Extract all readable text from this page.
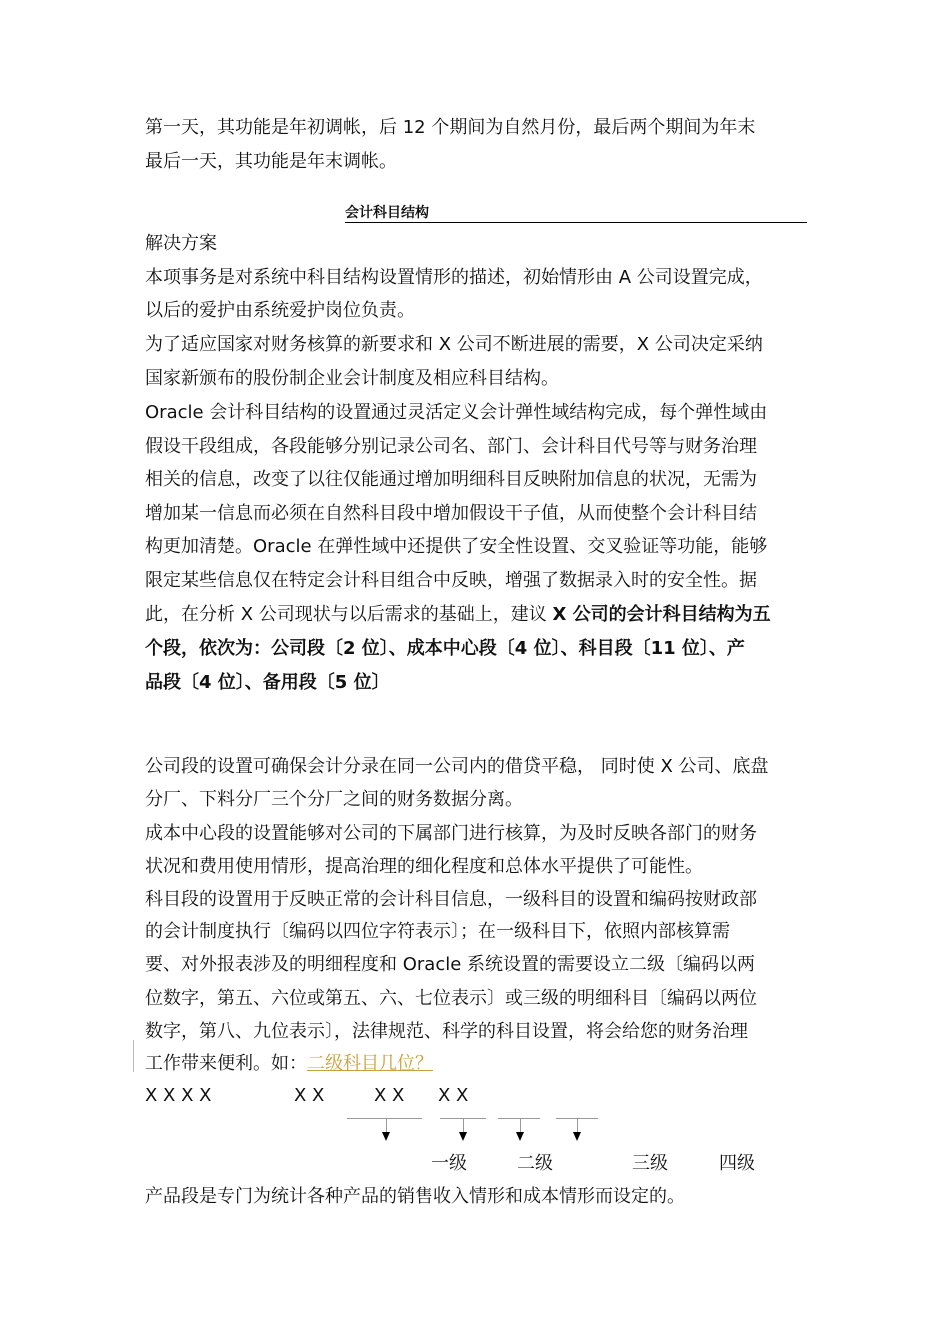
第一天，其功能是年初调帐，后 12 个期间为自然月份，最后两个期间为年末
最后一天，其功能是年末调帐。
会计科目结构
解决方案
本项事务是对系统中科目结构设置情形的描述，初始情形由 A 公司设置完成，
以后的爱护由系统爱护岗位负责。
为了适应国家对财务核算的新要求和 X 公司不断进展的需要，X 公司决定采纳
国家新颁布的股份制企业会计制度及相应科目结构。
Oracle 会计科目结构的设置通过灵活定义会计弹性域结构完成，每个弹性域由
假设干段组成，各段能够分别记录公司名、部门、会计科目代号等与财务治理
相关的信息，改变了以往仅能通过增加明细科目反映附加信息的状况，无需为
增加某一信息而必须在自然科目段中增加假设干子值，从而使整个会计科目结
构更加清楚。Oracle 在弹性域中还提供了安全性设置、交叉验证等功能，能够
限定某些信息仅在特定会计科目组合中反映，增强了数据录入时的安全性。据
此，在分析 X 公司现状与以后需求的基础上，建议 X 公司的会计科目结构为五
个段，依次为：公司段〔2 位〕、成本中心段〔4 位〕、科目段〔11 位〕、产
品段〔4 位〕、备用段〔5 位〕
公司段的设置可确保会计分录在同一公司内的借贷平稳， 同时使 X 公司、底盘
分厂、下料分厂三个分厂之间的财务数据分离。
成本中心段的设置能够对公司的下属部门进行核算，为及时反映各部门的财务
状况和费用使用情形，提高治理的细化程度和总体水平提供了可能性。
科目段的设置用于反映正常的会计科目信息，一级科目的设置和编码按财政部
的会计制度执行〔编码以四位字符表示〕；在一级科目下，依照内部核算需
要、对外报表涉及的明细程度和 Oracle 系统设置的需要设立二级〔编码以两
位数字，第五、六位或第五、六、七位表示〕或三级的明细科目〔编码以两位
数字，第八、九位表示〕，法律规范、科学的科目设置，将会给您的财务治理
工作带来便利。如：二级科目几位？
X X X X	X X	X X X X
一级	二级	三级	四级
产品段是专门为统计各种产品的销售收入情形和成本情形而设定的。
